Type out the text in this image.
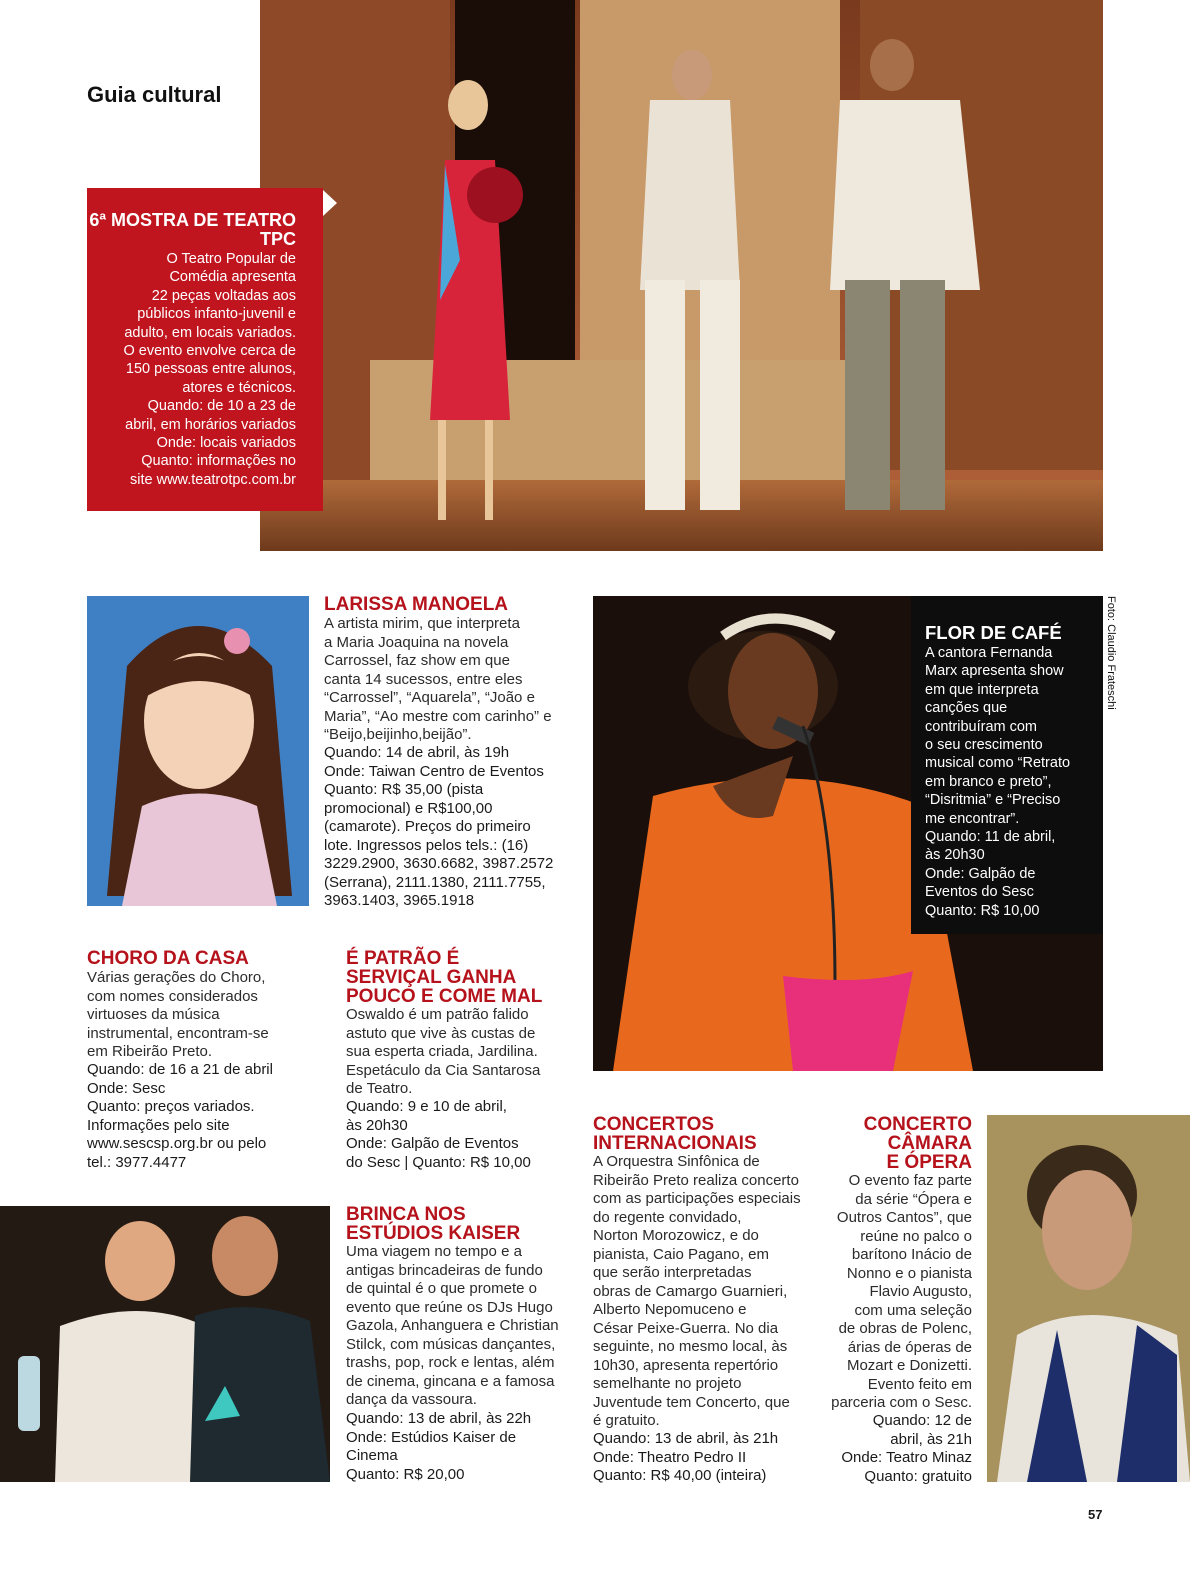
Guia cultural
6ª MOSTRA DE TEATRO TPC
O Teatro Popular de
Comédia apresenta
22 peças voltadas aos
públicos infanto-juvenil e
adulto, em locais variados.
O evento envolve cerca de
150 pessoas entre alunos,
atores e técnicos.
Quando: de 10 a 23 de
abril, em horários variados
Onde: locais variados
Quanto: informações no
site www.teatrotpc.com.br
LARISSA MANOELA
A artista mirim, que interpreta
a Maria Joaquina na novela
Carrossel, faz show em que
canta 14 sucessos, entre eles
“Carrossel”, “Aquarela”, “João e
Maria”, “Ao mestre com carinho” e
“Beijo,beijinho,beijão”.
Quando: 14 de abril, às 19h
Onde: Taiwan Centro de Eventos
Quanto: R$ 35,00 (pista
promocional) e R$100,00
(camarote). Preços do primeiro
lote. Ingressos pelos tels.: (16)
3229.2900, 3630.6682, 3987.2572
(Serrana), 2111.1380, 2111.7755,
3963.1403, 3965.1918
FLOR DE CAFÉ
A cantora Fernanda
Marx apresenta show
em que interpreta
canções que
contribuíram com
o seu crescimento
musical como “Retrato
em branco e preto”,
“Disritmia” e “Preciso
me encontrar”.
Quando: 11 de abril,
às 20h30
Onde: Galpão de
Eventos do Sesc
Quanto: R$ 10,00
Foto: Claudio Frateschi
CHORO DA CASA
Várias gerações do Choro,
com nomes considerados
virtuoses da música
instrumental, encontram-se
em Ribeirão Preto.
Quando: de 16 a 21 de abril
Onde: Sesc
Quanto: preços variados.
Informações pelo site
www.sescsp.org.br ou pelo
tel.: 3977.4477
É PATRÃO É
SERVIÇAL GANHA
POUCO E COME MAL
Oswaldo é um patrão falido
astuto que vive às custas de
sua esperta criada, Jardilina.
Espetáculo da Cia Santarosa
de Teatro.
Quando: 9 e 10 de abril,
às 20h30
Onde: Galpão de Eventos
do Sesc | Quanto: R$ 10,00
BRINCA NOS
ESTÚDIOS KAISER
Uma viagem no tempo e a
antigas brincadeiras de fundo
de quintal é o que promete o
evento que reúne os DJs Hugo
Gazola, Anhanguera e Christian
Stilck, com músicas dançantes,
trashs, pop, rock e lentas, além
de cinema, gincana e a famosa
dança da vassoura.
Quando: 13 de abril, às 22h
Onde: Estúdios Kaiser de
Cinema
Quanto: R$ 20,00
CONCERTOS
INTERNACIONAIS
A Orquestra Sinfônica de
Ribeirão Preto realiza concerto
com as participações especiais
do regente convidado,
Norton Morozowicz, e do
pianista, Caio Pagano, em
que serão interpretadas
obras de Camargo Guarnieri,
Alberto Nepomuceno e
César Peixe-Guerra. No dia
seguinte, no mesmo local, às
10h30, apresenta repertório
semelhante no projeto
Juventude tem Concerto, que
é gratuito.
Quando: 13 de abril, às 21h
Onde: Theatro Pedro II
Quanto: R$ 40,00 (inteira)
CONCERTO
CÂMARA
E ÓPERA
O evento faz parte
da série “Ópera e
Outros Cantos”, que
reúne no palco o
barítono Inácio de
Nonno e o pianista
Flavio Augusto,
com uma seleção
de obras de Polenc,
árias de óperas de
Mozart e Donizetti.
Evento feito em
parceria com o Sesc.
Quando: 12 de
abril, às 21h
Onde: Teatro Minaz
Quanto: gratuito
57
